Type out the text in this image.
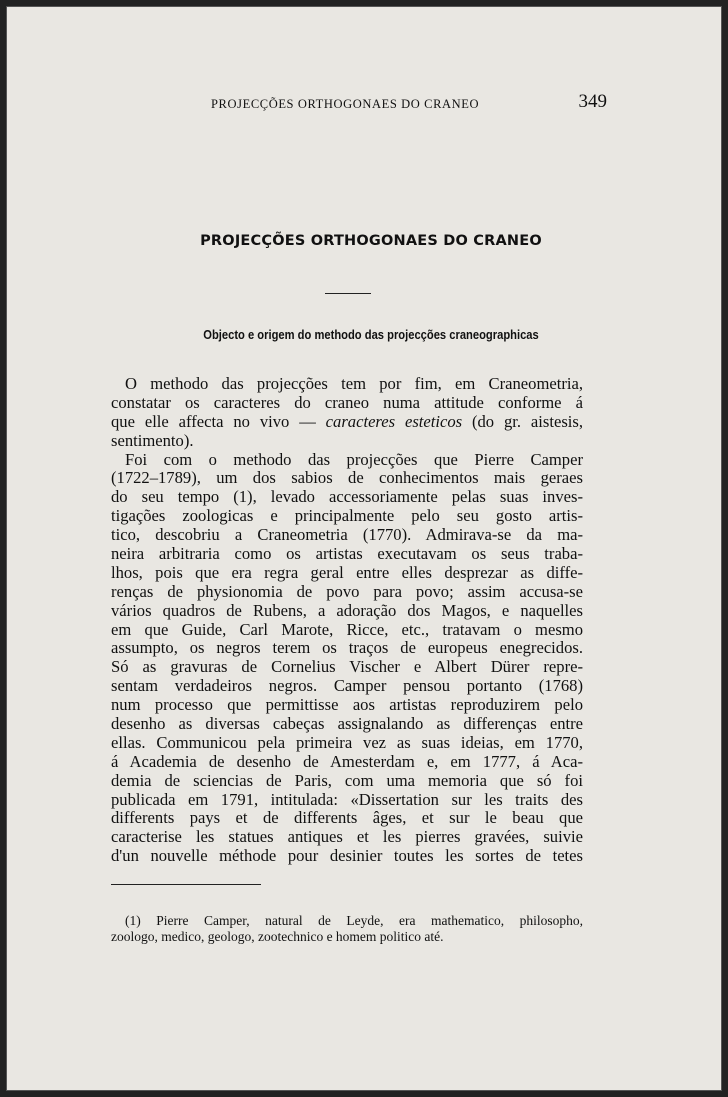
PROJECÇÕES ORTHOGONAES DO CRANEO	349
PROJECÇÕES ORTHOGONAES DO CRANEO
Objecto e origem do methodo das projecções craneographicas
O methodo das projecções tem por fim, em Craneometria,
constatar os caracteres do craneo numa attitude conforme á
que elle affecta no vivo — caracteres esteticos (do gr. aistesis,
sentimento).
Foi com o methodo das projecções que Pierre Camper
(1722–1789), um dos sabios de conhecimentos mais geraes
do seu tempo (1), levado accessoriamente pelas suas inves-
tigações zoologicas e principalmente pelo seu gosto artis-
tico, descobriu a Craneometria (1770). Admirava-se da ma-
neira arbitraria como os artistas executavam os seus traba-
lhos, pois que era regra geral entre elles desprezar as diffe-
renças de physionomia de povo para povo; assim accusa-se
vários quadros de Rubens, a adoração dos Magos, e naquelles
em que Guide, Carl Marote, Ricce, etc., tratavam o mesmo
assumpto, os negros terem os traços de europeus enegrecidos.
Só as gravuras de Cornelius Vischer e Albert Dürer repre-
sentam verdadeiros negros. Camper pensou portanto (1768)
num processo que permittisse aos artistas reproduzirem pelo
desenho as diversas cabeças assignalando as differenças entre
ellas. Communicou pela primeira vez as suas ideias, em 1770,
á Academia de desenho de Amesterdam e, em 1777, á Aca-
demia de sciencias de Paris, com uma memoria que só foi
publicada em 1791, intitulada: «Dissertation sur les traits des
differents pays et de differents âges, et sur le beau que
caracterise les statues antiques et les pierres gravées, suivie
d'un nouvelle méthode pour desinier toutes les sortes de tetes
(1) Pierre Camper, natural de Leyde, era mathematico, philosopho,
zoologo, medico, geologo, zootechnico e homem politico até.
